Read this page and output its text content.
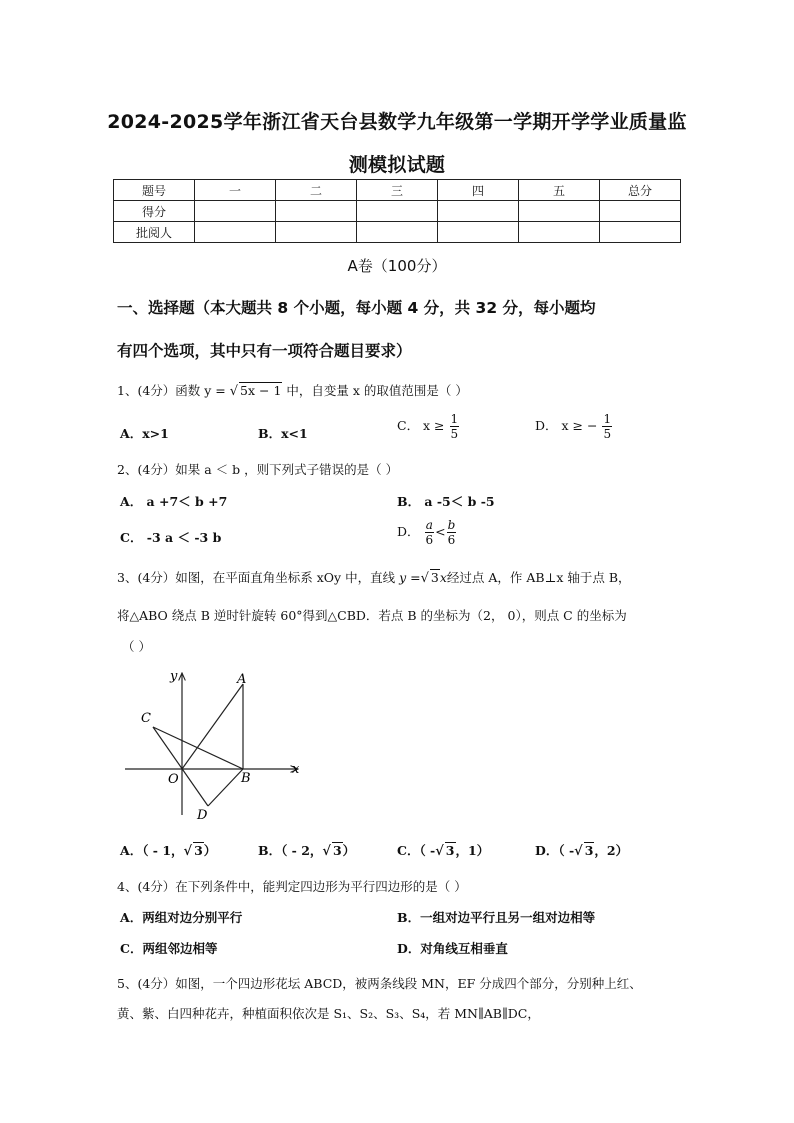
2024-2025学年浙江省天台县数学九年级第一学期开学学业质量监
测模拟试题
题号	一	二	三	四	五	总分
得分						
批阅人						
A卷（100分）
一、选择题（本大题共 8 个小题，每小题 4 分，共 32 分，每小题均
有四个选项，其中只有一项符合题目要求）
1、(4分）函数 y = √ 5x − 1 中，自变量 x 的取值范围是（ ）
A．x>1	B．x<1
C． $x \ge \frac{1}{5}$	D． x ≥ − $\frac{1}{5}$
2、(4分）如果 a ＜ b ，则下列式子错误的是（ ）
A． a +7＜ b +7	B． a -5＜ b -5
C． -3 a ＜ -3 b	D． $\frac{a}{6} < \frac{b}{6}$
3、(4分）如图，在平面直角坐标系 xOy 中，直线 y =√ 3x经过点 A，作 AB⊥x 轴于点 B，
将△ABO 绕点 B 逆时针旋转 60°得到△CBD．若点 B 的坐标为（2， 0），则点 C 的坐标为
（ ）
y
x
A
C
O	B
D
A．（ - 1，√ 3）	B．（ - 2，√ 3）	C．（ -√ 3，1）	D．（ -√ 3，2）
4、(4分）在下列条件中，能判定四边形为平行四边形的是（ ）
A．两组对边分别平行	B．一组对边平行且另一组对边相等
C．两组邻边相等	D．对角线互相垂直
5、(4分）如图，一个四边形花坛 ABCD，被两条线段 MN，EF 分成四个部分，分别种上红、
黄、紫、白四种花卉，种植面积依次是 S₁、S₂、S₃、S₄，若 MN∥AB∥DC，
